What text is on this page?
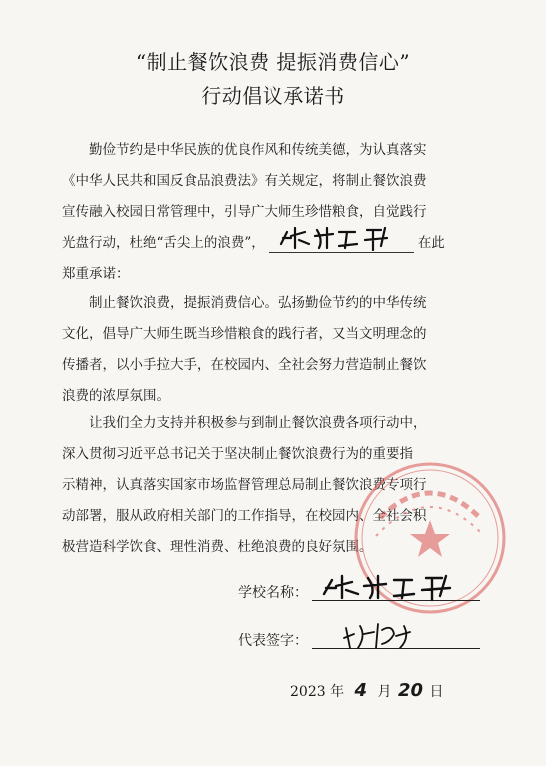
“制止餐饮浪费 提振消费信心”
行动倡议承诺书
勤俭节约是中华民族的优良作风和传统美德，为认真落实
《中华人民共和国反食品浪费法》有关规定，将制止餐饮浪费
宣传融入校园日常管理中，引导广大师生珍惜粮食，自觉践行
光盘行动，杜绝“舌尖上的浪费”，	在此
郑重承诺：
制止餐饮浪费，提振消费信心。弘扬勤俭节约的中华传统
文化，倡导广大师生既当珍惜粮食的践行者，又当文明理念的
传播者，以小手拉大手，在校园内、全社会努力营造制止餐饮
浪费的浓厚氛围。
让我们全力支持并积极参与到制止餐饮浪费各项行动中，
深入贯彻习近平总书记关于坚决制止餐饮浪费行为的重要指
示精神，认真落实国家市场监督管理总局制止餐饮浪费专项行
动部署，服从政府相关部门的工作指导，在校园内、全社会积
极营造科学饮食、理性消费、杜绝浪费的良好氛围。
学校名称：
代表签字：
2023 年 4 月 20 日
